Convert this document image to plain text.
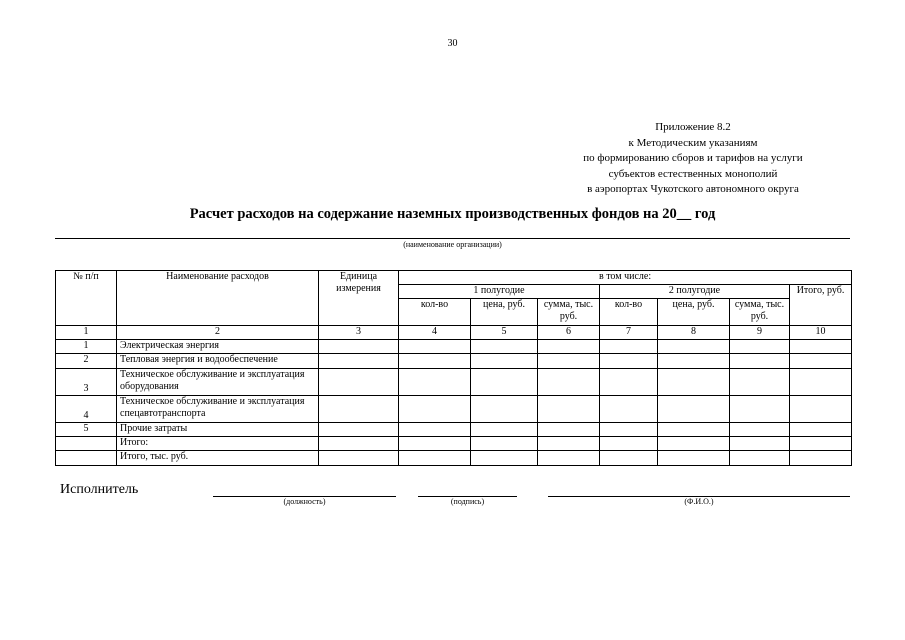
30
Приложение 8.2
к Методическим указаниям
по формированию сборов и тарифов на услуги
субъектов естественных монополий
в аэропортах Чукотского автономного округа
Расчет расходов на содержание наземных производственных фондов на 20__ год
(наименование организации)
№ п/п	Наименование расходов	Единица измерения	в том числе:						
			1 полугодие			2 полугодие			Итого, руб.
			кол-во	цена, руб.	сумма, тыс. руб.	кол-во	цена, руб.	сумма, тыс. руб.	
1	2	3	4	5	6	7	8	9	10
1	Электрическая энергия								
2	Тепловая энергия и водообеспечение								
3	Техническое обслуживание и эксплуатация оборудования								
4	Техническое обслуживание и эксплуатация спецавтотранспорта								
5	Прочие затраты								
	Итого:								
	Итого, тыс. руб.								
Исполнитель
(должность)	(подпись)	(Ф.И.О.)
